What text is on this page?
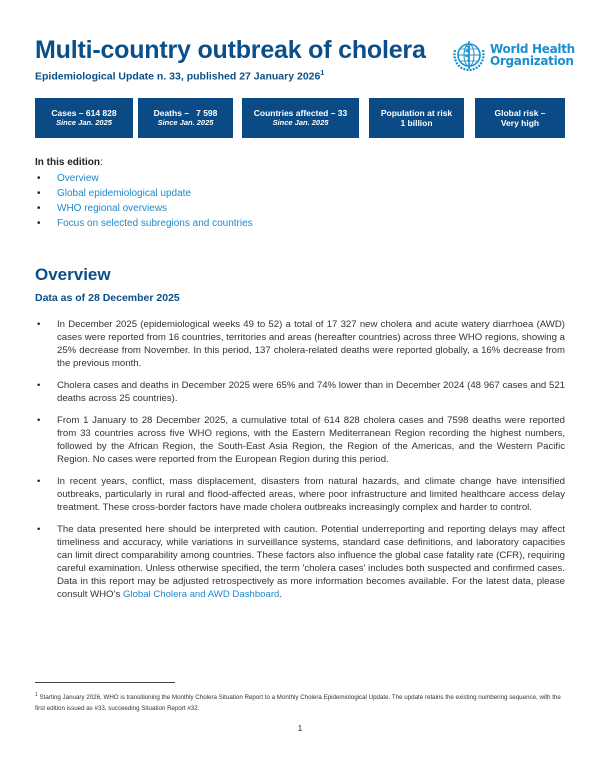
Multi-country outbreak of cholera

Epidemiological Update n. 33, published 27 January 2026$^1$

World Health
Organization
Cases – 614 828
Since Jan. 2025
Deaths –   7 598
Since Jan. 2025
Countries affected – 33
Since Jan. 2025
Population at risk
1 billion
Global risk –
Very high
In this edition:
• Overview
• Global epidemiological update
• WHO regional overviews
• Focus on selected subregions and countries
Overview
Data as of 28 December 2025
• In December 2025 (epidemiological weeks 49 to 52) a total of 17 327 new cholera and acute watery diarrhoea (AWD) cases were reported from 16 countries, territories and areas (hereafter countries) across three WHO regions, showing a 25% decrease from November. In this period, 137 cholera-related deaths were reported globally, a 16% decrease from the previous month.
• Cholera cases and deaths in December 2025 were 65% and 74% lower than in December 2024 (48 967 cases and 521 deaths across 25 countries).
• From 1 January to 28 December 2025, a cumulative total of 614 828 cholera cases and 7598 deaths were reported from 33 countries across five WHO regions, with the Eastern Mediterranean Region recording the highest numbers, followed by the African Region, the South-East Asia Region, the Region of the Americas, and the Western Pacific Region. No cases were reported from the European Region during this period.
• In recent years, conflict, mass displacement, disasters from natural hazards, and climate change have intensified outbreaks, particularly in rural and flood-affected areas, where poor infrastructure and limited healthcare access delay treatment. These cross-border factors have made cholera outbreaks increasingly complex and harder to control.
• The data presented here should be interpreted with caution. Potential underreporting and reporting delays may affect timeliness and accuracy, while variations in surveillance systems, standard case definitions, and laboratory capacities can limit direct comparability among countries. These factors also influence the global case fatality rate (CFR), requiring careful examination. Unless otherwise specified, the term 'cholera cases' includes both suspected and confirmed cases. Data in this report may be adjusted retrospectively as more information becomes available. For the latest data, please consult WHO’s Global Cholera and AWD Dashboard.
$^1$ Starting January 2026, WHO is transitioning the Monthly Cholera Situation Report to a Monthly Cholera Epidemiological Update. The update retains the existing numbering sequence, with the first edition issued as #33, succeeding Situation Report #32.
1
